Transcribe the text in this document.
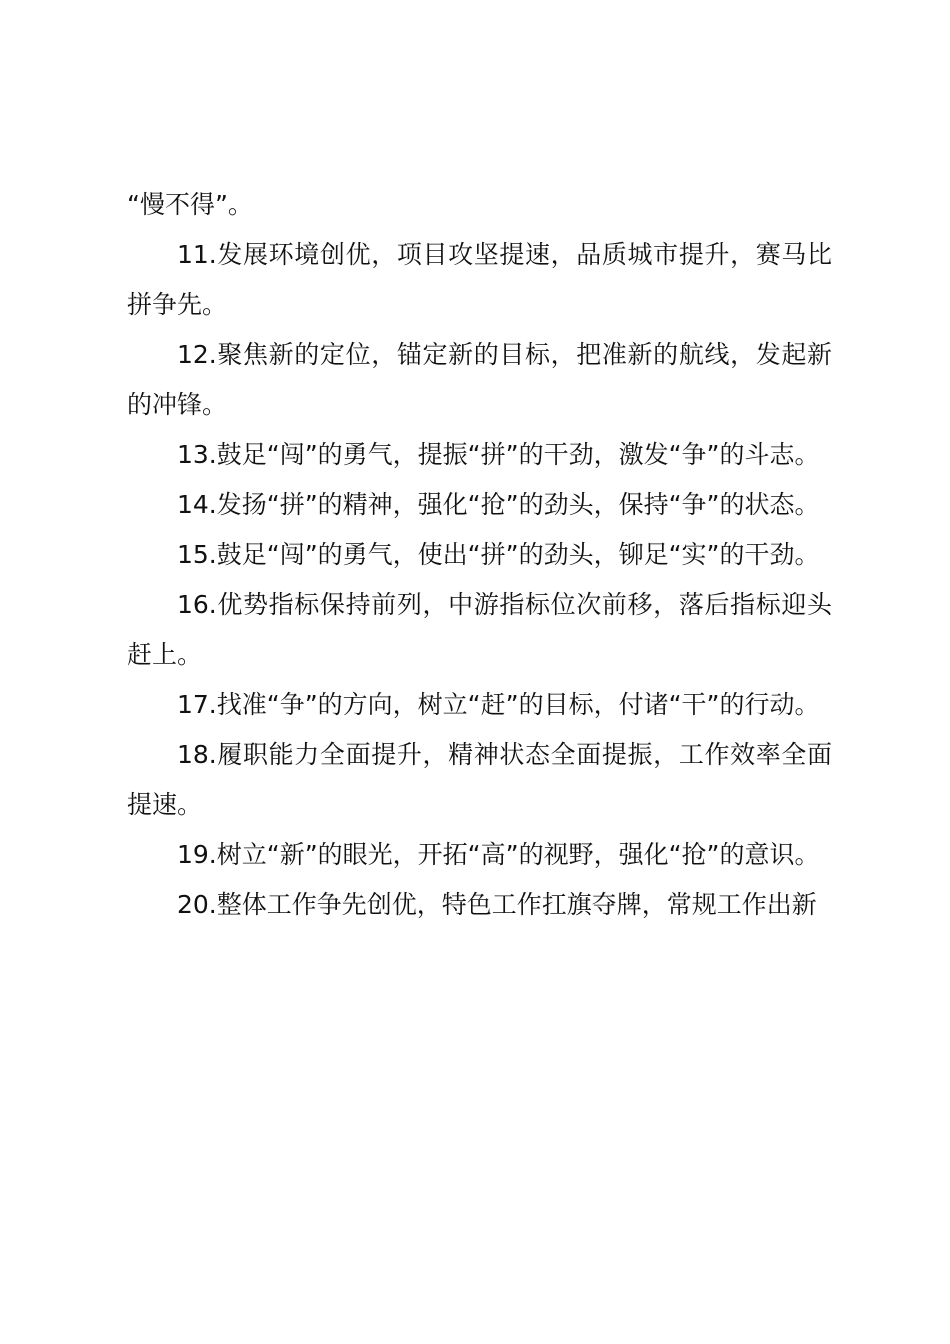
“慢不得”。

11.发展环境创优，项目攻坚提速，品质城市提升，赛马比拼争先。

12.聚焦新的定位，锚定新的目标，把准新的航线，发起新的冲锋。

13.鼓足“闯”的勇气，提振“拼”的干劲，激发“争”的斗志。

14.发扬“拼”的精神，强化“抢”的劲头，保持“争”的状态。

15.鼓足“闯”的勇气，使出“拼”的劲头，铆足“实”的干劲。

16.优势指标保持前列，中游指标位次前移，落后指标迎头赶上。

17.找准“争”的方向，树立“赶”的目标，付诸“干”的行动。

18.履职能力全面提升，精神状态全面提振，工作效率全面提速。

19.树立“新”的眼光，开拓“高”的视野，强化“抢”的意识。

20.整体工作争先创优，特色工作扛旗夺牌，常规工作出新
